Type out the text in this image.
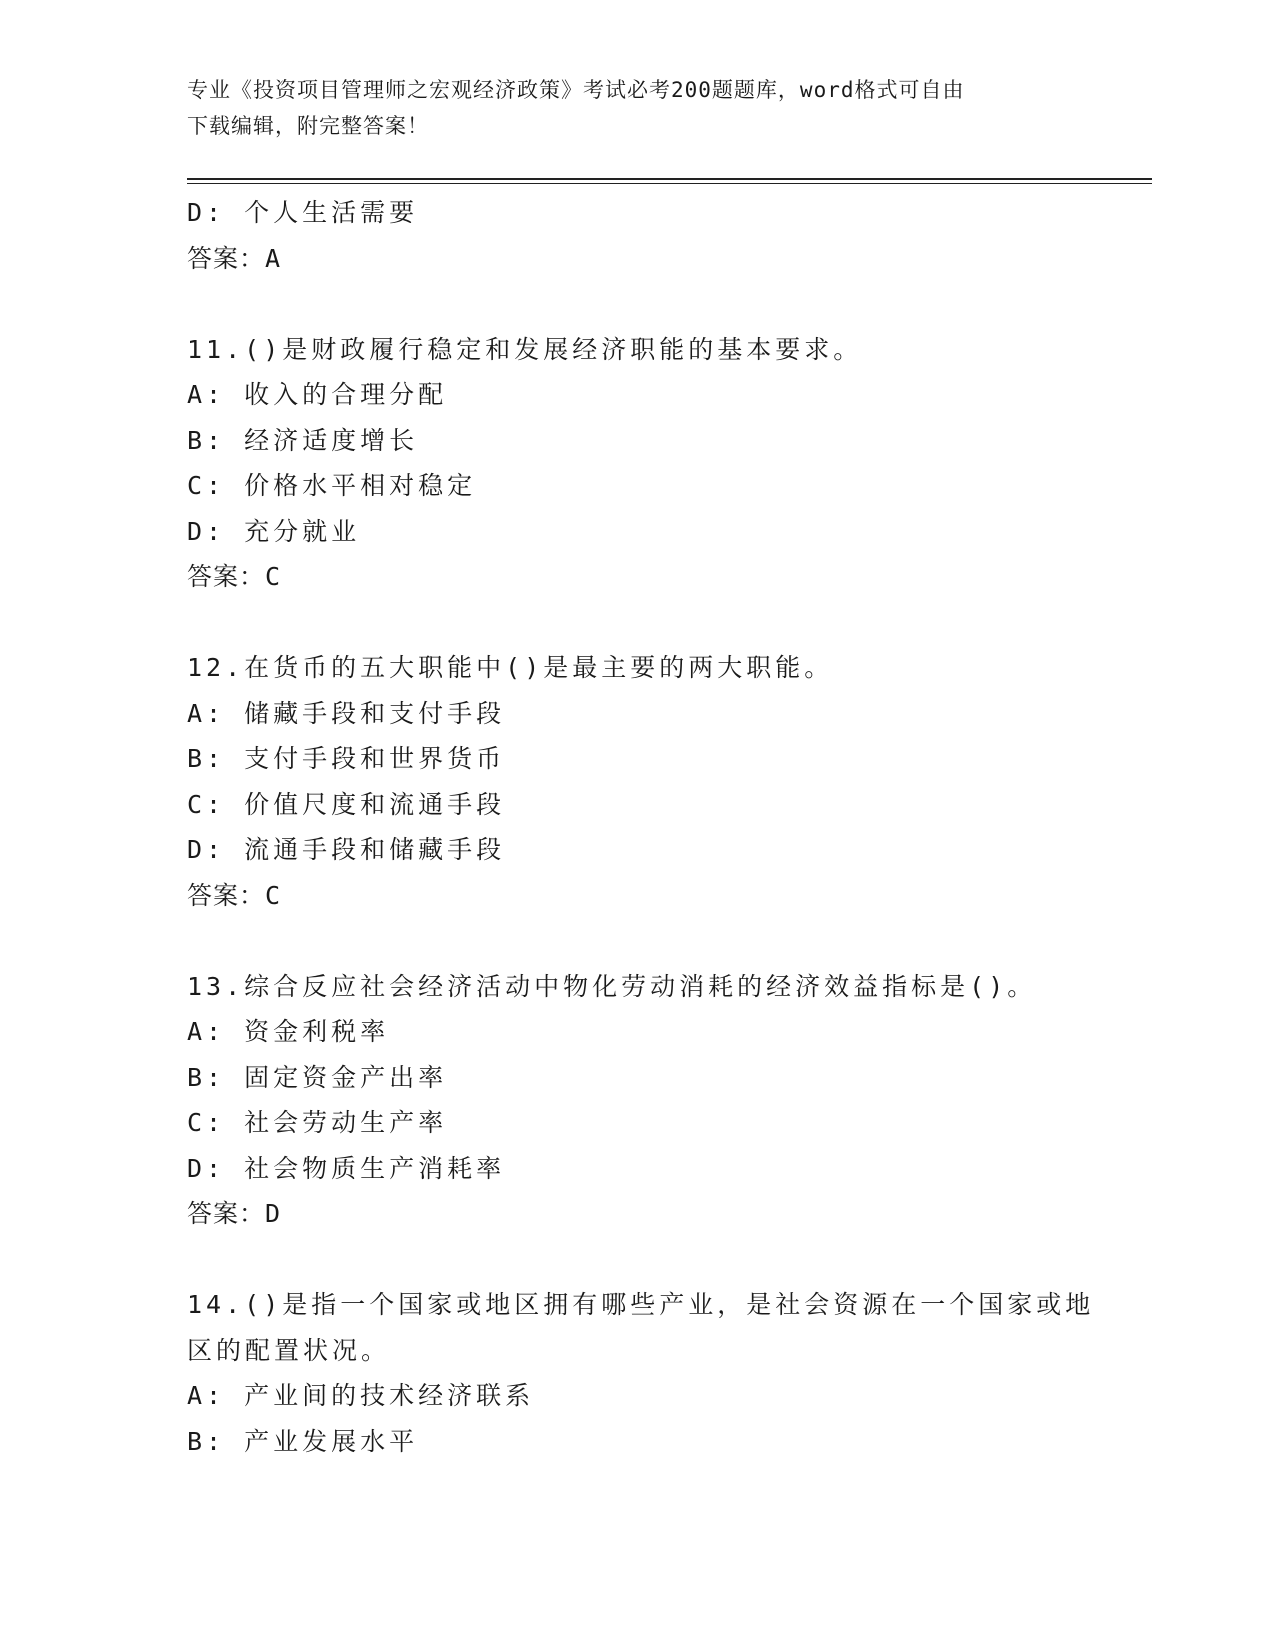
专业《投资项目管理师之宏观经济政策》考试必考200题题库，word格式可自由
下载编辑，附完整答案！
D: 个人生活需要
答案：A
11.()是财政履行稳定和发展经济职能的基本要求。
A: 收入的合理分配
B: 经济适度增长
C: 价格水平相对稳定
D: 充分就业
答案：C
12.在货币的五大职能中()是最主要的两大职能。
A: 储藏手段和支付手段
B: 支付手段和世界货币
C: 价值尺度和流通手段
D: 流通手段和储藏手段
答案：C
13.综合反应社会经济活动中物化劳动消耗的经济效益指标是()。
A: 资金利税率
B: 固定资金产出率
C: 社会劳动生产率
D: 社会物质生产消耗率
答案：D
14.()是指一个国家或地区拥有哪些产业，是社会资源在一个国家或地
区的配置状况。
A: 产业间的技术经济联系
B: 产业发展水平
